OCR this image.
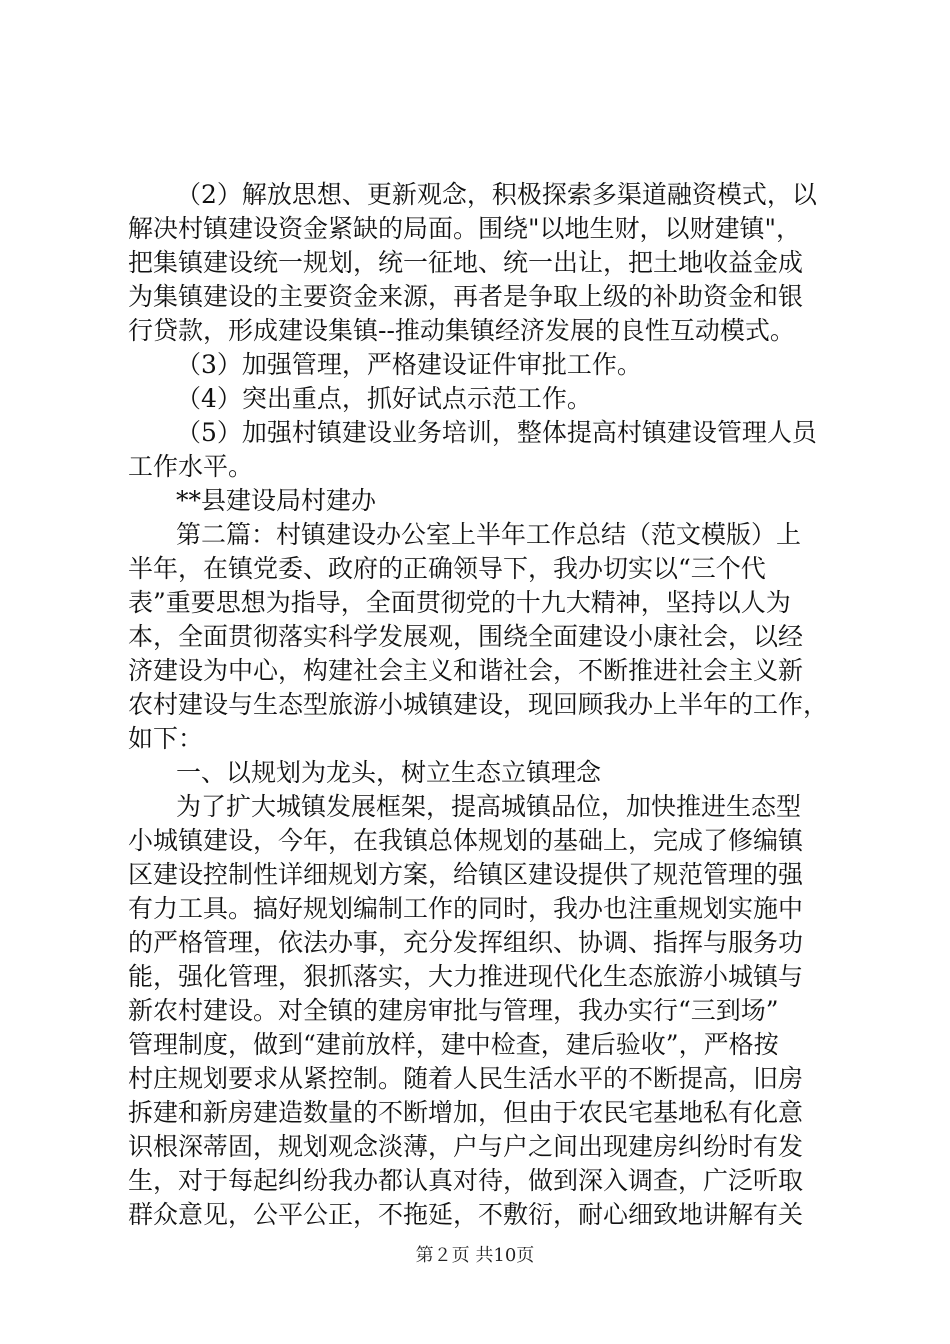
（2）解放思想、更新观念，积极探索多渠道融资模式，以
解决村镇建设资金紧缺的局面。围绕"以地生财，以财建镇"，
把集镇建设统一规划，统一征地、统一出让，把土地收益金成
为集镇建设的主要资金来源，再者是争取上级的补助资金和银
行贷款，形成建设集镇--推动集镇经济发展的良性互动模式。
（3）加强管理，严格建设证件审批工作。
（4）突出重点，抓好试点示范工作。
（5）加强村镇建设业务培训，整体提高村镇建设管理人员
工作水平。
**县建设局村建办
第二篇：村镇建设办公室上半年工作总结（范文模版）上
半年，在镇党委、政府的正确领导下，我办切实以“三个代
表”重要思想为指导，全面贯彻党的十九大精神，坚持以人为
本，全面贯彻落实科学发展观，围绕全面建设小康社会，以经
济建设为中心，构建社会主义和谐社会，不断推进社会主义新
农村建设与生态型旅游小城镇建设，现回顾我办上半年的工作，
如下：
一、以规划为龙头，树立生态立镇理念
为了扩大城镇发展框架，提高城镇品位，加快推进生态型
小城镇建设，今年，在我镇总体规划的基础上，完成了修编镇
区建设控制性详细规划方案，给镇区建设提供了规范管理的强
有力工具。搞好规划编制工作的同时，我办也注重规划实施中
的严格管理，依法办事，充分发挥组织、协调、指挥与服务功
能，强化管理，狠抓落实，大力推进现代化生态旅游小城镇与
新农村建设。对全镇的建房审批与管理，我办实行“三到场”
管理制度，做到“建前放样，建中检查，建后验收”，严格按
村庄规划要求从紧控制。随着人民生活水平的不断提高，旧房
拆建和新房建造数量的不断增加，但由于农民宅基地私有化意
识根深蒂固，规划观念淡薄，户与户之间出现建房纠纷时有发
生，对于每起纠纷我办都认真对待，做到深入调查，广泛听取
群众意见，公平公正，不拖延，不敷衍，耐心细致地讲解有关
第２页 共10页
